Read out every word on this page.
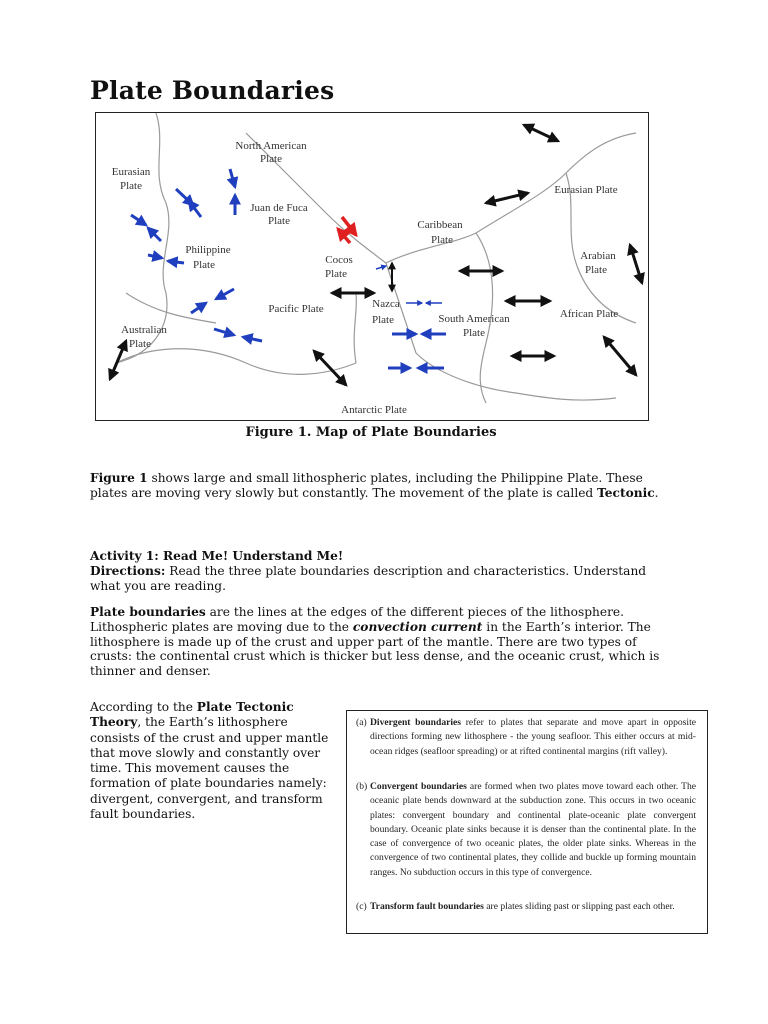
Plate Boundaries
North American
Plate
Eurasian
Plate
Juan de Fuca
Plate
Philippine
Plate	Cocos
Plate
Caribbean
Plate
Eurasian Plate
Arabian
Plate
Pacific Plate	Nazca
Plate	South American
Plate
African Plate
Australian
Plate
Antarctic Plate
Figure 1. Map of Plate Boundaries
Figure 1 shows large and small lithospheric plates, including the Philippine Plate. These plates are moving very slowly but constantly. The movement of the plate is called Tectonic.
Activity 1: Read Me! Understand Me!
Directions: Read the three plate boundaries description and characteristics. Understand what you are reading.
Plate boundaries are the lines at the edges of the different pieces of the lithosphere. Lithospheric plates are moving due to the convection current in the Earth’s interior. The lithosphere is made up of the crust and upper part of the mantle. There are two types of crusts: the continental crust which is thicker but less dense, and the oceanic crust, which is thinner and denser.
According to the Plate Tectonic Theory, the Earth’s lithosphere consists of the crust and upper mantle that move slowly and constantly over time. This movement causes the formation of plate boundaries namely: divergent, convergent, and transform fault boundaries.
(a) Divergent boundaries refer to plates that separate and move apart in opposite directions forming new lithosphere - the young seafloor. This either occurs at mid-ocean ridges (seafloor spreading) or at rifted continental margins (rift valley).
(b) Convergent boundaries are formed when two plates move toward each other. The oceanic plate bends downward at the subduction zone. This occurs in two oceanic plates: convergent boundary and continental plate-oceanic plate convergent boundary. Oceanic plate sinks because it is denser than the continental plate. In the case of convergence of two oceanic plates, the older plate sinks. Whereas in the convergence of two continental plates, they collide and buckle up forming mountain ranges. No subduction occurs in this type of convergence.
(c) Transform fault boundaries are plates sliding past or slipping past each other.
